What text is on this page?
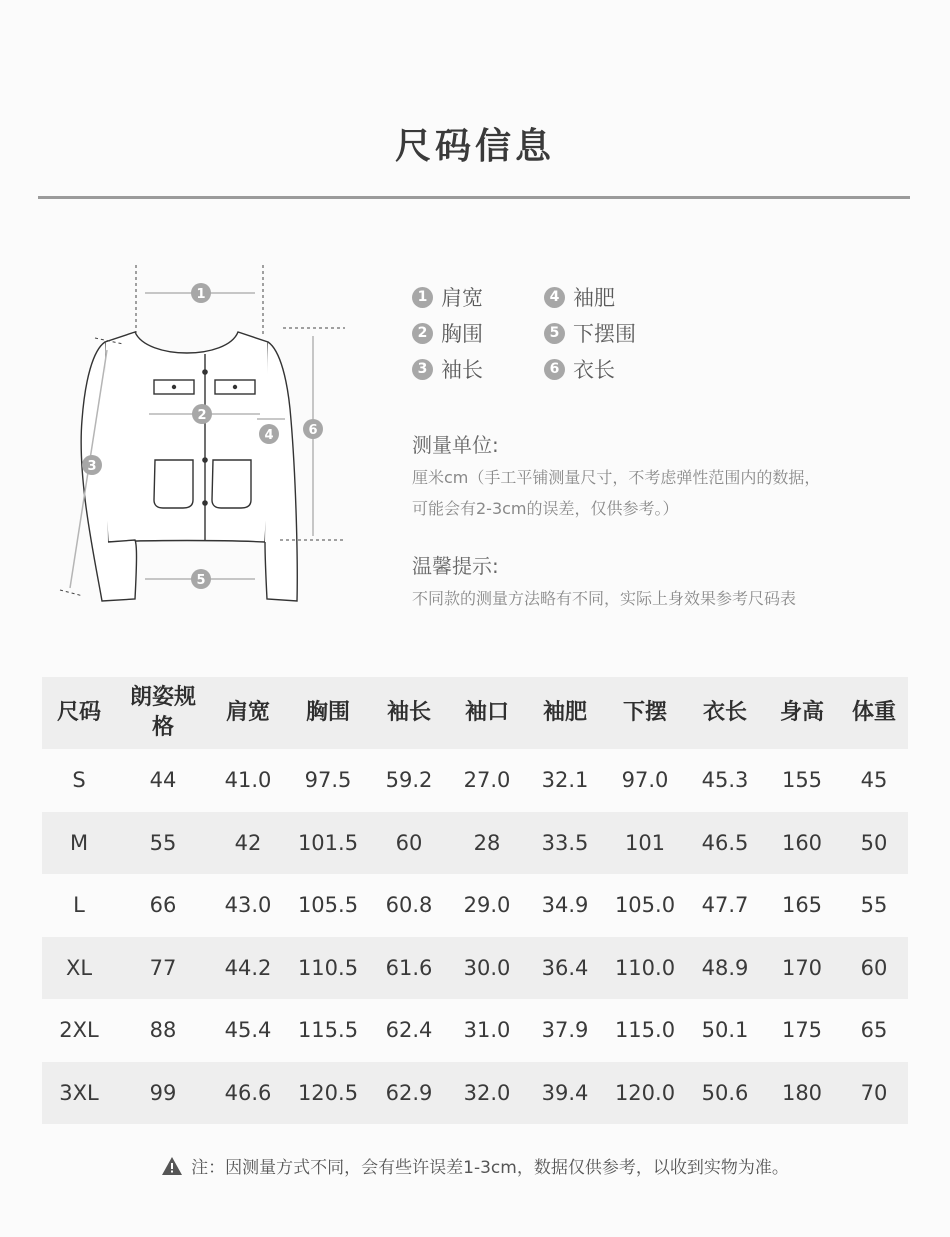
尺码信息
1
2
3
4
5
6
1 肩宽	4 袖肥
2 胸围	5 下摆围
3 袖长	6 衣长
测量单位:
厘米cm（手工平铺测量尺寸，不考虑弹性范围内的数据，
可能会有2-3cm的误差，仅供参考。）
温馨提示:
不同款的测量方法略有不同，实际上身效果参考尺码表
尺码	朗姿规格	肩宽	胸围	袖长	袖口	袖肥	下摆	衣长	身高	体重
S	44	41.0	97.5	59.2	27.0	32.1	97.0	45.3	155	45
M	55	42	101.5	60	28	33.5	101	46.5	160	50
L	66	43.0	105.5	60.8	29.0	34.9	105.0	47.7	165	55
XL	77	44.2	110.5	61.6	30.0	36.4	110.0	48.9	170	60
2XL	88	45.4	115.5	62.4	31.0	37.9	115.0	50.1	175	65
3XL	99	46.6	120.5	62.9	32.0	39.4	120.0	50.6	180	70
注：因测量方式不同，会有些许误差1-3cm，数据仅供参考，以收到实物为准。
